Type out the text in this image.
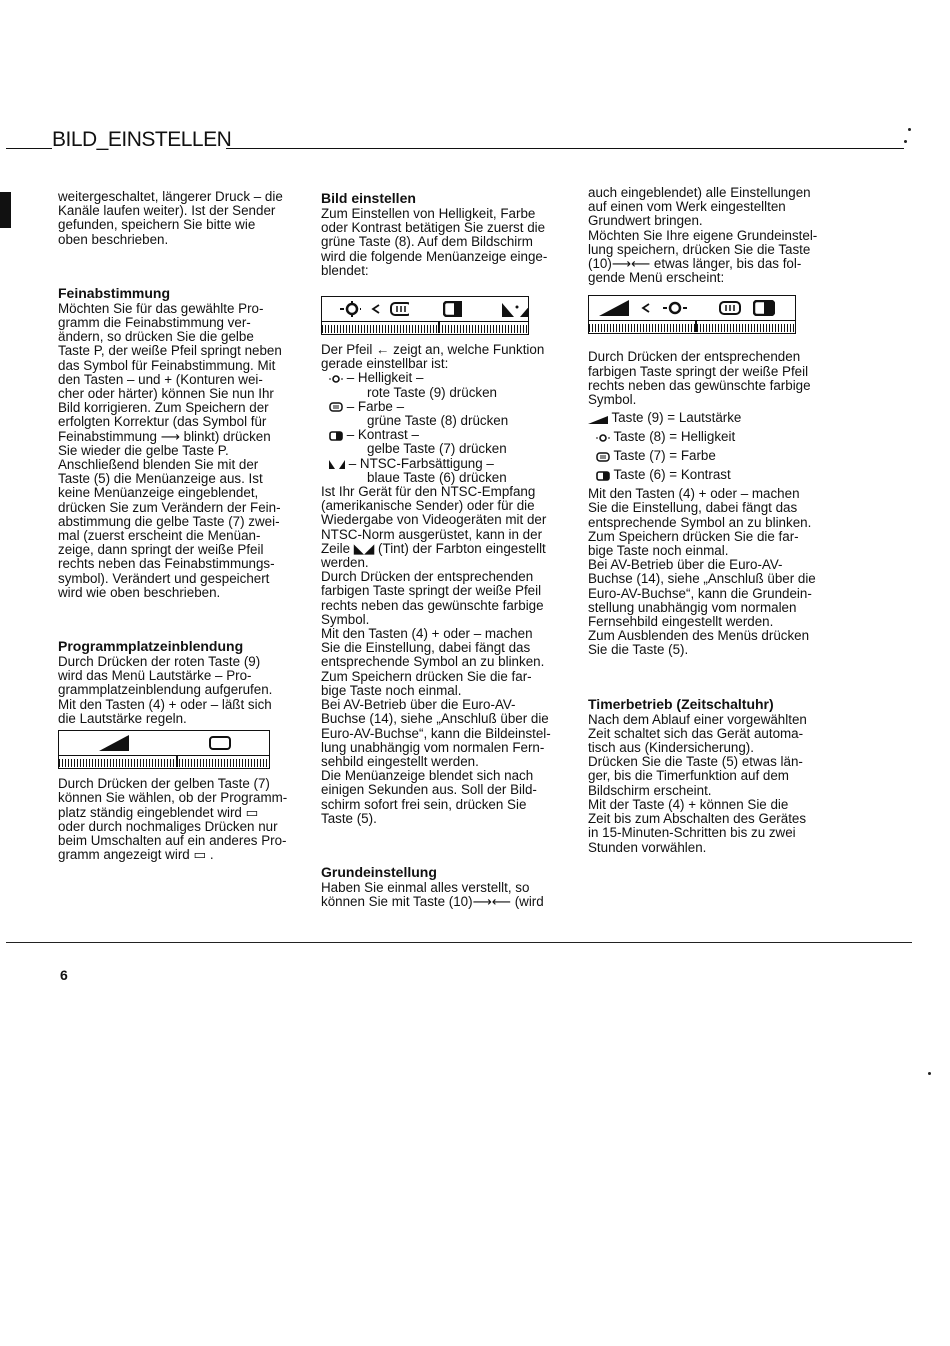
BILD_EINSTELLEN

weitergeschaltet, längerer Druck – die
Kanäle laufen weiter). Ist der Sender
gefunden, speichern Sie bitte wie
oben beschrieben.

Feinabstimmung

Möchten Sie für das gewählte Pro-
gramm die Feinabstimmung ver-
ändern, so drücken Sie die gelbe
Taste P, der weiße Pfeil springt neben
das Symbol für Feinabstimmung. Mit
den Tasten – und + (Konturen wei-
cher oder härter) können Sie nun Ihr
Bild korrigieren. Zum Speichern der
erfolgten Korrektur (das Symbol für
Feinabstimmung ⟶ blinkt) drücken
Sie wieder die gelbe Taste P.
Anschließend blenden Sie mit der
Taste (5) die Menüanzeige aus. Ist
keine Menüanzeige eingeblendet,
drücken Sie zum Verändern der Fein-
abstimmung die gelbe Taste (7) zwei-
mal (zuerst erscheint die Menüan-
zeige, dann springt der weiße Pfeil
rechts neben das Feinabstimmungs-
symbol). Verändert und gespeichert
wird wie oben beschrieben.

Programmplatzeinblendung

Durch Drücken der roten Taste (9)
wird das Menü Lautstärke – Pro-
grammplatzeinblendung aufgerufen.
Mit den Tasten (4) + oder – läßt sich
die Lautstärke regeln.

Durch Drücken der gelben Taste (7)
können Sie wählen, ob der Programm-
platz ständig eingeblendet wird ▭
oder durch nochmaliges Drücken nur
beim Umschalten auf ein anderes Pro-
gramm angezeigt wird ▭ .

Bild einstellen

Zum Einstellen von Helligkeit, Farbe
oder Kontrast betätigen Sie zuerst die
grüne Taste (8). Auf dem Bildschirm
wird die folgende Menüanzeige einge-
blendet:

Der Pfeil ← zeigt an, welche Funktion
gerade einstellbar ist:

– Helligkeit –
rote Taste (9) drücken
– Farbe –
grüne Taste (8) drücken
– Kontrast –
gelbe Taste (7) drücken
– NTSC-Farbsättigung –
blaue Taste (6) drücken

Ist Ihr Gerät für den NTSC-Empfang
(amerikanische Sender) oder für die
Wiedergabe von Videogeräten mit der
NTSC-Norm ausgerüstet, kann in der
Zeile ◣◢ (Tint) der Farbton eingestellt
werden.
Durch Drücken der entsprechenden
farbigen Taste springt der weiße Pfeil
rechts neben das gewünschte farbige
Symbol.
Mit den Tasten (4) + oder – machen
Sie die Einstellung, dabei fängt das
entsprechende Symbol an zu blinken.
Zum Speichern drücken Sie die far-
bige Taste noch einmal.
Bei AV-Betrieb über die Euro-AV-
Buchse (14), siehe „Anschluß über die
Euro-AV-Buchse“, kann die Bildeinstel-
lung unabhängig vom normalen Fern-
sehbild eingestellt werden.
Die Menüanzeige blendet sich nach
einigen Sekunden aus. Soll der Bild-
schirm sofort frei sein, drücken Sie
Taste (5).

Grundeinstellung

Haben Sie einmal alles verstellt, so
können Sie mit Taste (10)⟶⟵ (wird

auch eingeblendet) alle Einstellungen
auf einen vom Werk eingestellten
Grundwert bringen.
Möchten Sie Ihre eigene Grundeinstel-
lung speichern, drücken Sie die Taste
(10)⟶⟵ etwas länger, bis das fol-
gende Menü erscheint:

Durch Drücken der entsprechenden
farbigen Taste springt der weiße Pfeil
rechts neben das gewünschte farbige
Symbol.

Taste (9) = Lautstärke
Taste (8) = Helligkeit
Taste (7) = Farbe
Taste (6) = Kontrast

Mit den Tasten (4) + oder – machen
Sie die Einstellung, dabei fängt das
entsprechende Symbol an zu blinken.
Zum Speichern drücken Sie die far-
bige Taste noch einmal.
Bei AV-Betrieb über die Euro-AV-
Buchse (14), siehe „Anschluß über die
Euro-AV-Buchse“, kann die Grundein-
stellung unabhängig vom normalen
Fernsehbild eingestellt werden.
Zum Ausblenden des Menüs drücken
Sie die Taste (5).

Timerbetrieb (Zeitschaltuhr)

Nach dem Ablauf einer vorgewählten
Zeit schaltet sich das Gerät automa-
tisch aus (Kindersicherung).
Drücken Sie die Taste (5) etwas län-
ger, bis die Timerfunktion auf dem
Bildschirm erscheint.
Mit der Taste (4) + können Sie die
Zeit bis zum Abschalten des Gerätes
in 15-Minuten-Schritten bis zu zwei
Stunden vorwählen.

6
